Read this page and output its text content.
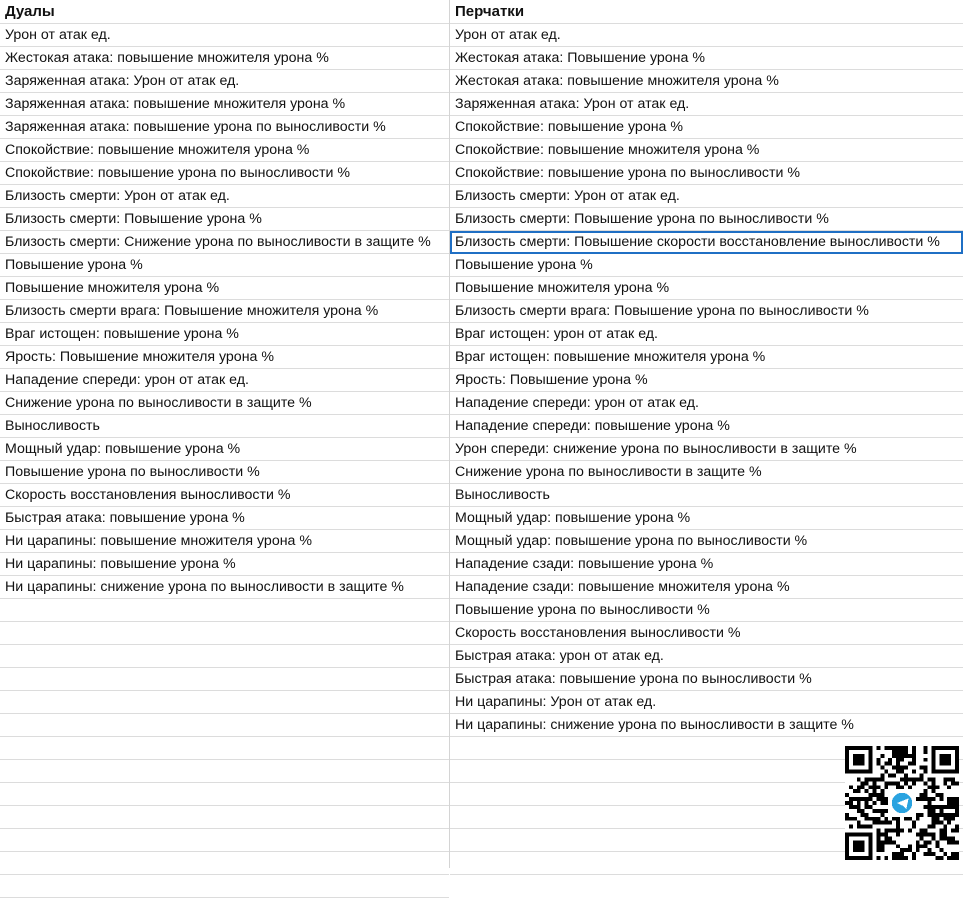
Дуалы
Урон от атак ед.
Жестокая атака: повышение множителя урона %
Заряженная атака: Урон от атак ед.
Заряженная атака: повышение множителя урона %
Заряженная атака: повышение урона по выносливости %
Спокойствие: повышение множителя урона %
Спокойствие: повышение урона по выносливости %
Близость смерти: Урон от атак ед.
Близость смерти: Повышение урона %
Близость смерти: Снижение урона по выносливости в защите %
Повышение урона %
Повышение множителя урона %
Близость смерти врага: Повышение множителя урона %
Враг истощен: повышение урона %
Ярость: Повышение множителя урона %
Нападение спереди: урон от атак ед.
Снижение урона по выносливости в защите %
Выносливость
Мощный удар: повышение урона %
Повышение урона по выносливости %
Скорость восстановления выносливости %
Быстрая атака: повышение урона %
Ни царапины: повышение множителя урона %
Ни царапины: повышение урона %
Ни царапины: снижение урона по выносливости в защите %
Перчатки
Урон от атак ед.
Жестокая атака: Повышение урона %
Жестокая атака: повышение множителя урона %
Заряженная атака: Урон от атак ед.
Спокойствие: повышение урона %
Спокойствие: повышение множителя урона %
Спокойствие: повышение урона по выносливости %
Близость смерти: Урон от атак ед.
Близость смерти: Повышение урона по выносливости %
Близость смерти: Повышение скорости восстановление выносливости %
Повышение урона %
Повышение множителя урона %
Близость смерти врага: Повышение урона по выносливости %
Враг истощен: урон от атак ед.
Враг истощен: повышение множителя урона %
Ярость: Повышение урона %
Нападение спереди: урон от атак ед.
Нападение спереди: повышение урона %
Урон спереди: снижение урона по выносливости в защите %
Снижение урона по выносливости в защите %
Выносливость
Мощный удар: повышение урона %
Мощный удар: повышение урона по выносливости %
Нападение сзади: повышение урона %
Нападение сзади: повышение множителя урона %
Повышение урона по выносливости %
Скорость восстановления выносливости %
Быстрая атака: урон от атак ед.
Быстрая атака: повышение урона по выносливости %
Ни царапины: Урон от атак ед.
Ни царапины: снижение урона по выносливости в защите %
